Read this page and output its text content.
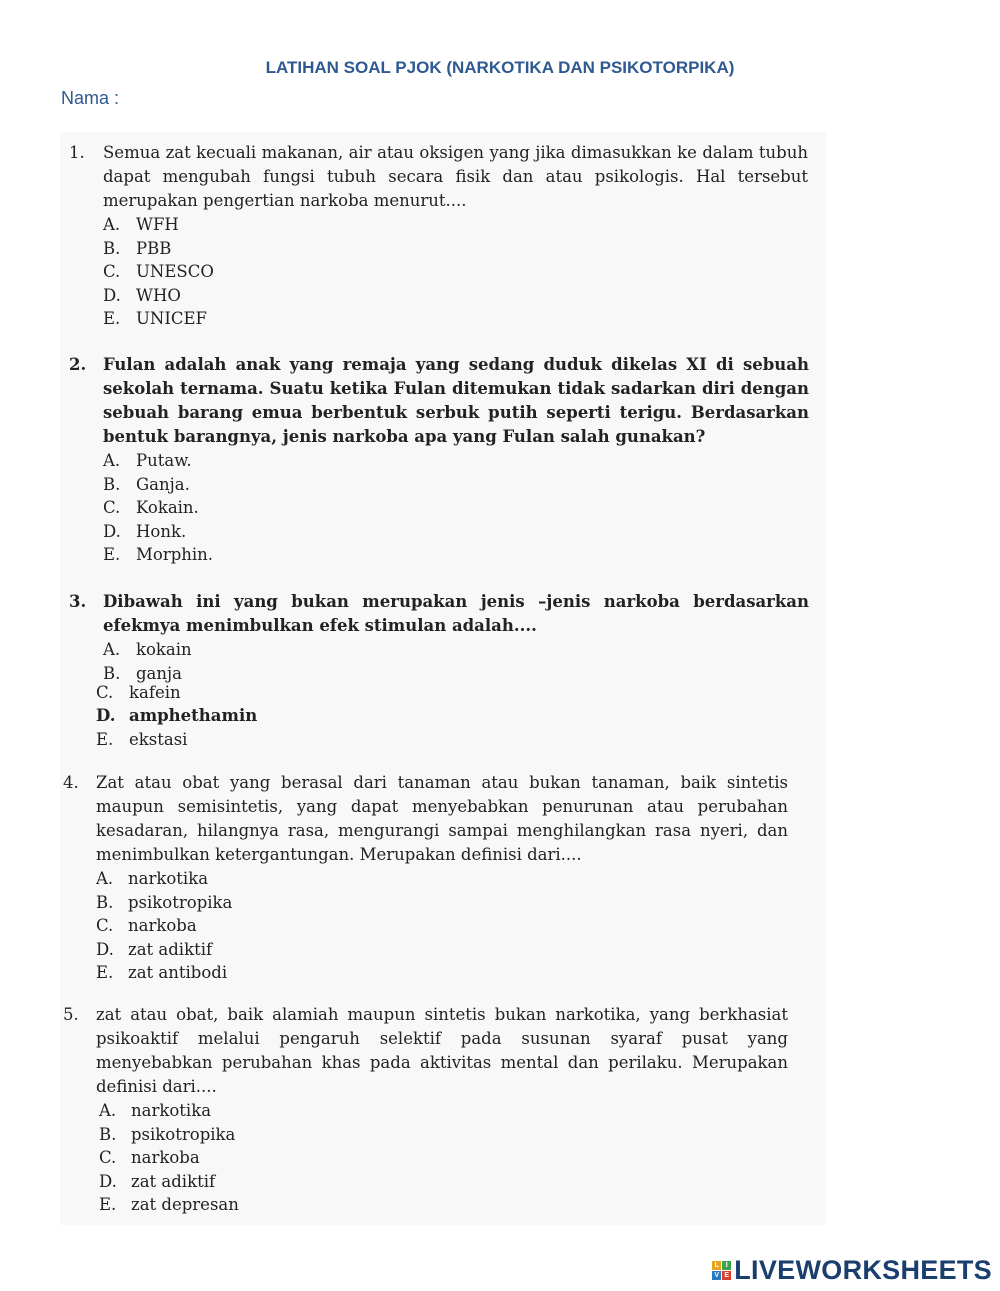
LATIHAN SOAL PJOK (NARKOTIKA DAN PSIKOTORPIKA)
Nama :
1. Semua zat kecuali makanan, air atau oksigen yang jika dimasukkan ke dalam tubuh dapat mengubah fungsi tubuh secara fisik dan atau psikologis. Hal tersebut merupakan pengertian narkoba menurut....
A. WFH
B. PBB
C. UNESCO
D. WHO
E. UNICEF
2. Fulan adalah anak yang remaja yang sedang duduk dikelas XI di sebuah sekolah ternama. Suatu ketika Fulan ditemukan tidak sadarkan diri dengan sebuah barang emua berbentuk serbuk putih seperti terigu. Berdasarkan bentuk barangnya, jenis narkoba apa yang Fulan salah gunakan?
A. Putaw.
B. Ganja.
C. Kokain.
D. Honk.
E. Morphin.
3. Dibawah ini yang bukan merupakan jenis –jenis narkoba berdasarkan efekmya menimbulkan efek stimulan adalah....
A. kokain
B. ganja
C. kafein
D. amphethamin
E. ekstasi
4. Zat atau obat yang berasal dari tanaman atau bukan tanaman, baik sintetis maupun semisintetis, yang dapat menyebabkan penurunan atau perubahan kesadaran, hilangnya rasa, mengurangi sampai menghilangkan rasa nyeri, dan menimbulkan ketergantungan. Merupakan definisi dari....
A. narkotika
B. psikotropika
C. narkoba
D. zat adiktif
E. zat antibodi
5. zat atau obat, baik alamiah maupun sintetis bukan narkotika, yang berkhasiat psikoaktif melalui pengaruh selektif pada susunan syaraf pusat yang menyebabkan perubahan khas pada aktivitas mental dan perilaku. Merupakan definisi dari....
A. narkotika
B. psikotropika
C. narkoba
D. zat adiktif
E. zat depresan
L I
V E LIVEWORKSHEETS
